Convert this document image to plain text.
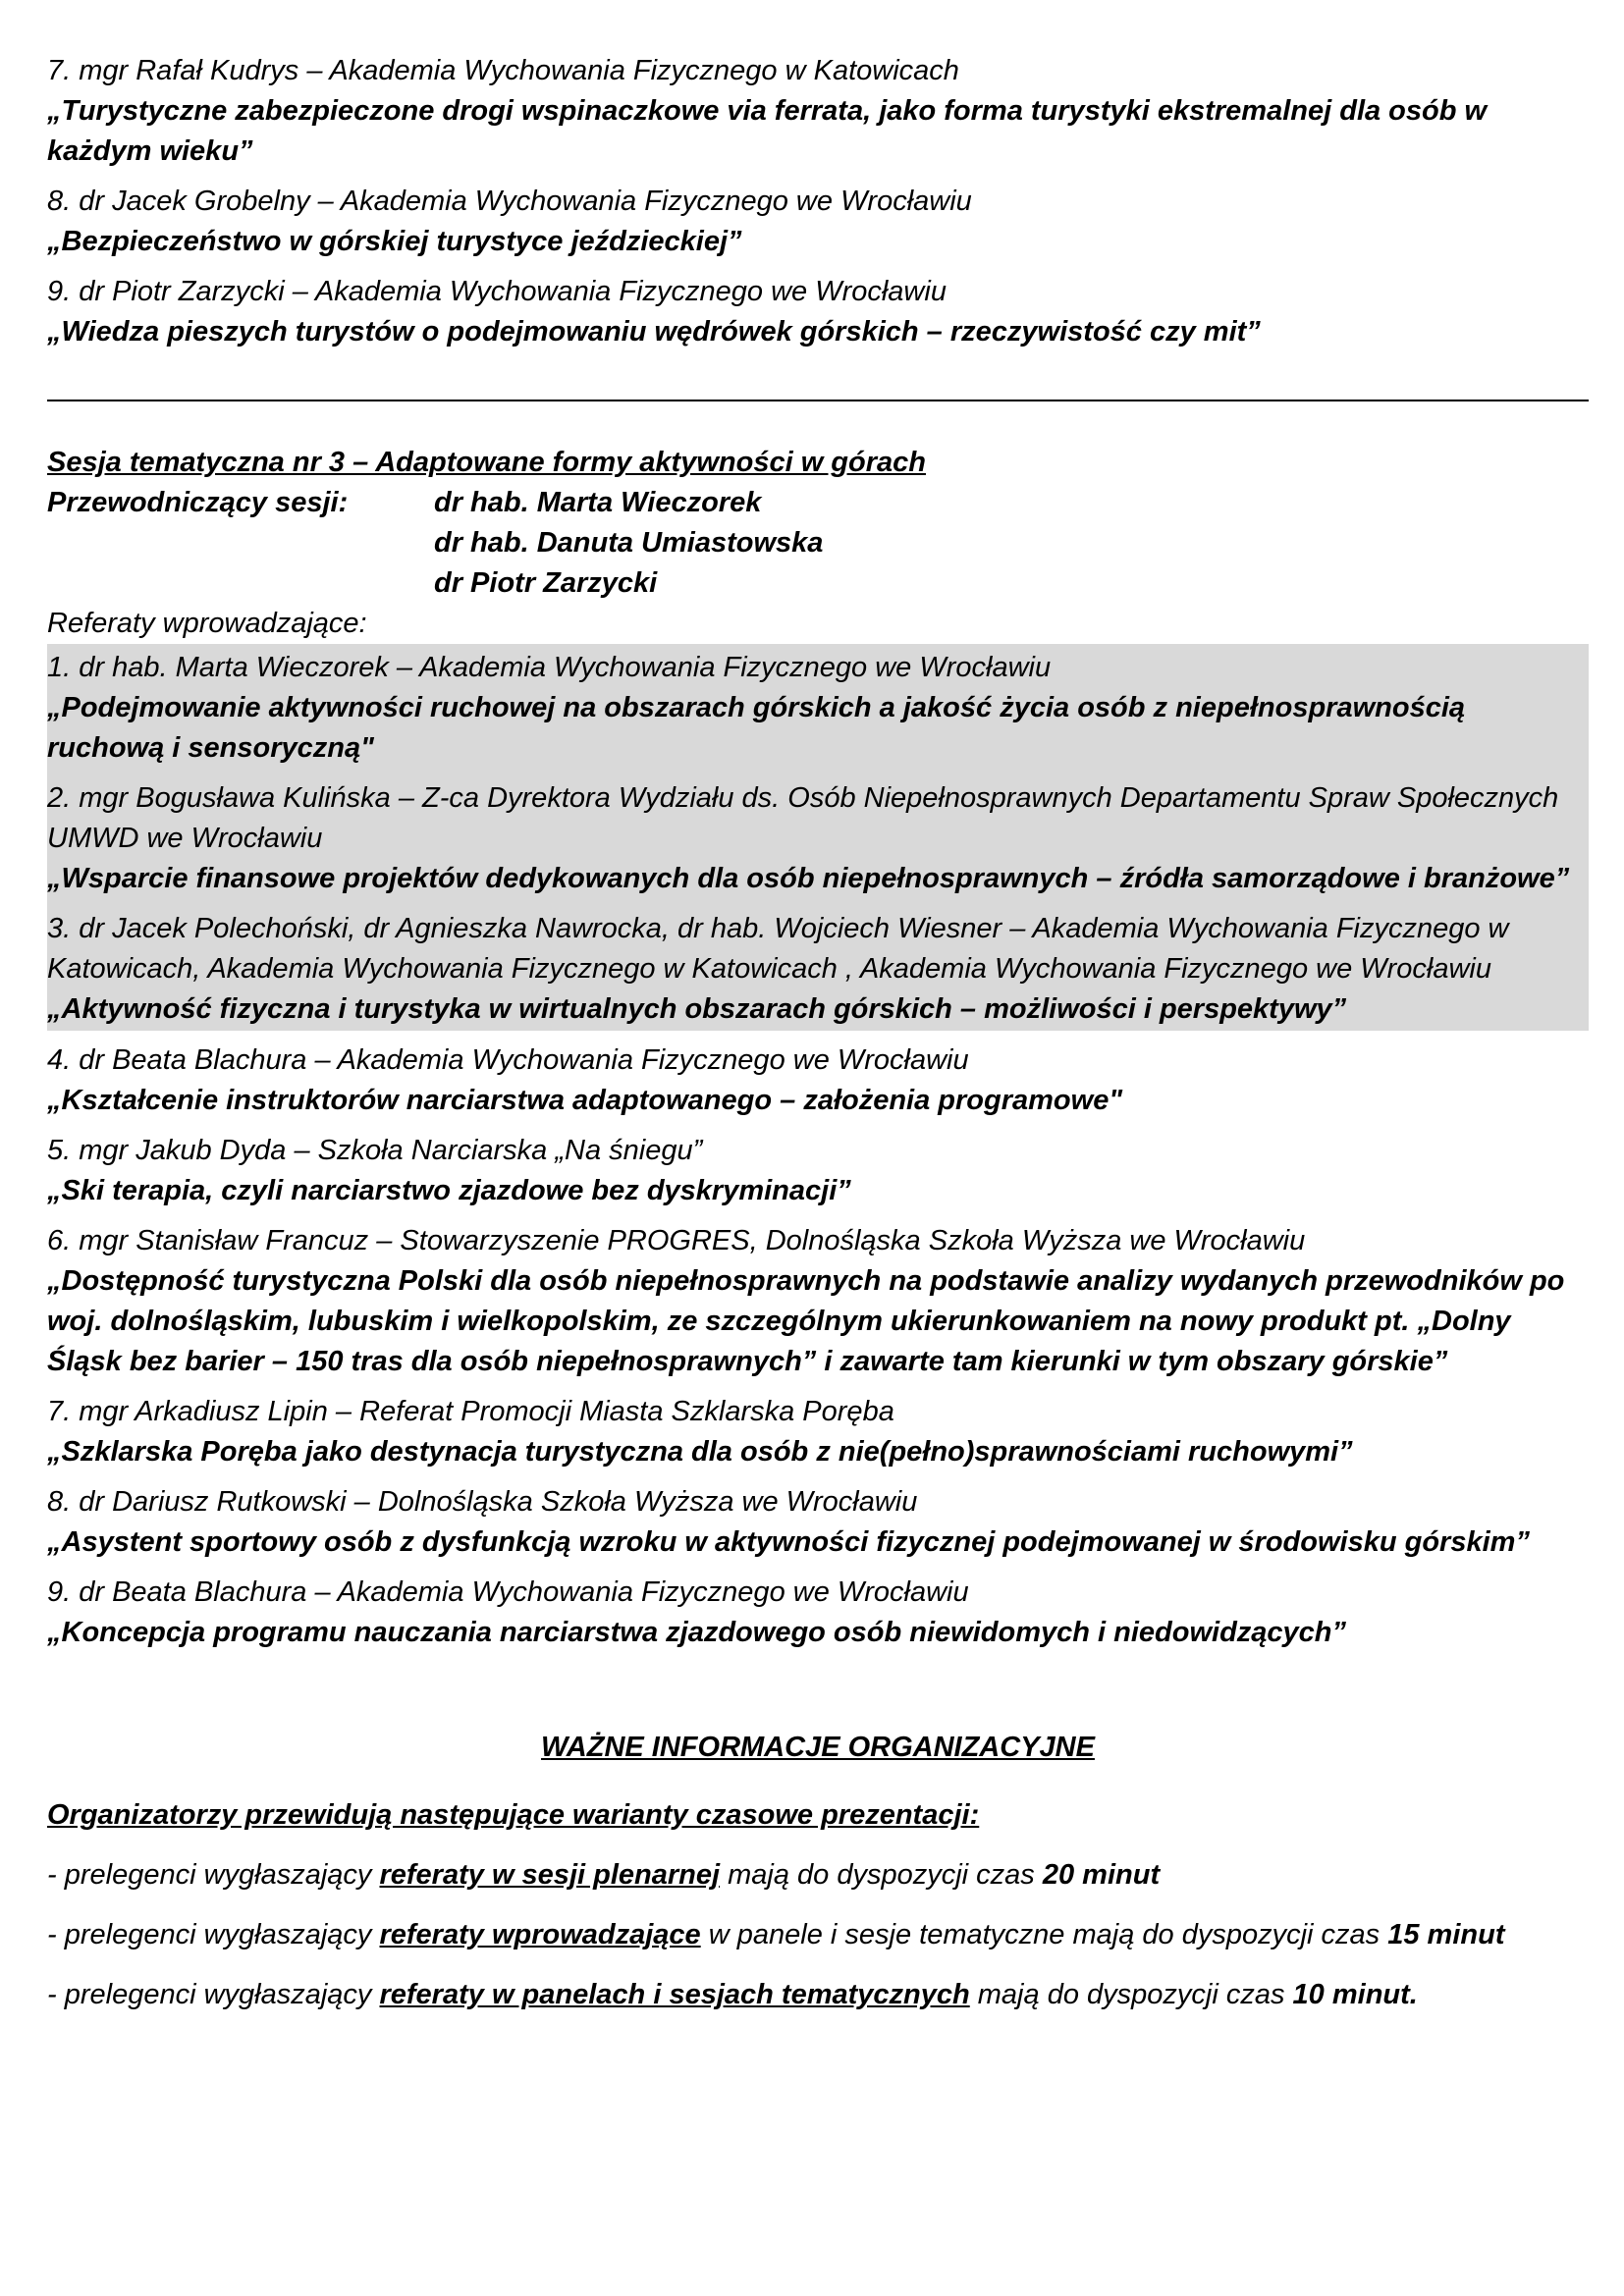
7. mgr Rafał Kudrys – Akademia Wychowania Fizycznego w Katowicach
„Turystyczne zabezpieczone drogi wspinaczkowe via ferrata, jako forma turystyki ekstremalnej dla osób w każdym wieku”
8. dr Jacek Grobelny – Akademia Wychowania Fizycznego we Wrocławiu
„Bezpieczeństwo w górskiej turystyce jeździeckiej”
9. dr Piotr Zarzycki – Akademia Wychowania Fizycznego we Wrocławiu
„Wiedza pieszych turystów o podejmowaniu wędrówek górskich – rzeczywistość czy mit”
Sesja tematyczna nr 3 – Adaptowane formy aktywności w górach
Przewodniczący sesji:	dr hab. Marta Wieczorek
dr hab. Danuta Umiastowska
dr Piotr Zarzycki
Referaty wprowadzające:
1. dr hab. Marta Wieczorek – Akademia Wychowania Fizycznego we Wrocławiu
„Podejmowanie aktywności ruchowej na obszarach górskich a jakość życia osób z niepełnosprawnością ruchową i sensoryczną"
2. mgr Bogusława Kulińska – Z-ca Dyrektora Wydziału ds. Osób Niepełnosprawnych Departamentu Spraw Społecznych UMWD we Wrocławiu
„Wsparcie finansowe projektów dedykowanych dla osób niepełnosprawnych – źródła samorządowe i branżowe”
3. dr Jacek Polechoński, dr Agnieszka Nawrocka, dr hab. Wojciech Wiesner – Akademia Wychowania Fizycznego w Katowicach, Akademia Wychowania Fizycznego w Katowicach , Akademia Wychowania Fizycznego we Wrocławiu
„Aktywność fizyczna i turystyka w wirtualnych obszarach górskich – możliwości i perspektywy”
4. dr Beata Blachura – Akademia Wychowania Fizycznego we Wrocławiu
„Kształcenie instruktorów narciarstwa adaptowanego – założenia programowe"
5. mgr Jakub Dyda – Szkoła Narciarska „Na śniegu”
„Ski terapia, czyli narciarstwo zjazdowe bez dyskryminacji”
6. mgr Stanisław Francuz – Stowarzyszenie PROGRES, Dolnośląska Szkoła Wyższa we Wrocławiu
„Dostępność turystyczna Polski dla osób niepełnosprawnych na podstawie analizy wydanych przewodników po woj. dolnośląskim, lubuskim i wielkopolskim, ze szczególnym ukierunkowaniem na nowy produkt pt. „Dolny Śląsk bez barier – 150 tras dla osób niepełnosprawnych” i zawarte tam kierunki w tym obszary górskie”
7. mgr Arkadiusz Lipin – Referat Promocji Miasta Szklarska Poręba
„Szklarska Poręba jako destynacja turystyczna dla osób z nie(pełno)sprawnościami ruchowymi”
8. dr Dariusz Rutkowski – Dolnośląska Szkoła Wyższa we Wrocławiu
„Asystent sportowy osób z dysfunkcją wzroku w aktywności fizycznej podejmowanej w środowisku górskim”
9. dr Beata Blachura – Akademia Wychowania Fizycznego we Wrocławiu
„Koncepcja programu nauczania narciarstwa zjazdowego osób niewidomych i niedowidzących”
WAŻNE INFORMACJE ORGANIZACYJNE
Organizatorzy przewidują następujące warianty czasowe prezentacji:
- prelegenci wygłaszający referaty w sesji plenarnej mają do dyspozycji czas 20 minut
- prelegenci wygłaszający referaty wprowadzające w panele i sesje tematyczne mają do dyspozycji czas 15 minut
- prelegenci wygłaszający referaty w panelach i sesjach tematycznych mają do dyspozycji czas 10 minut.
